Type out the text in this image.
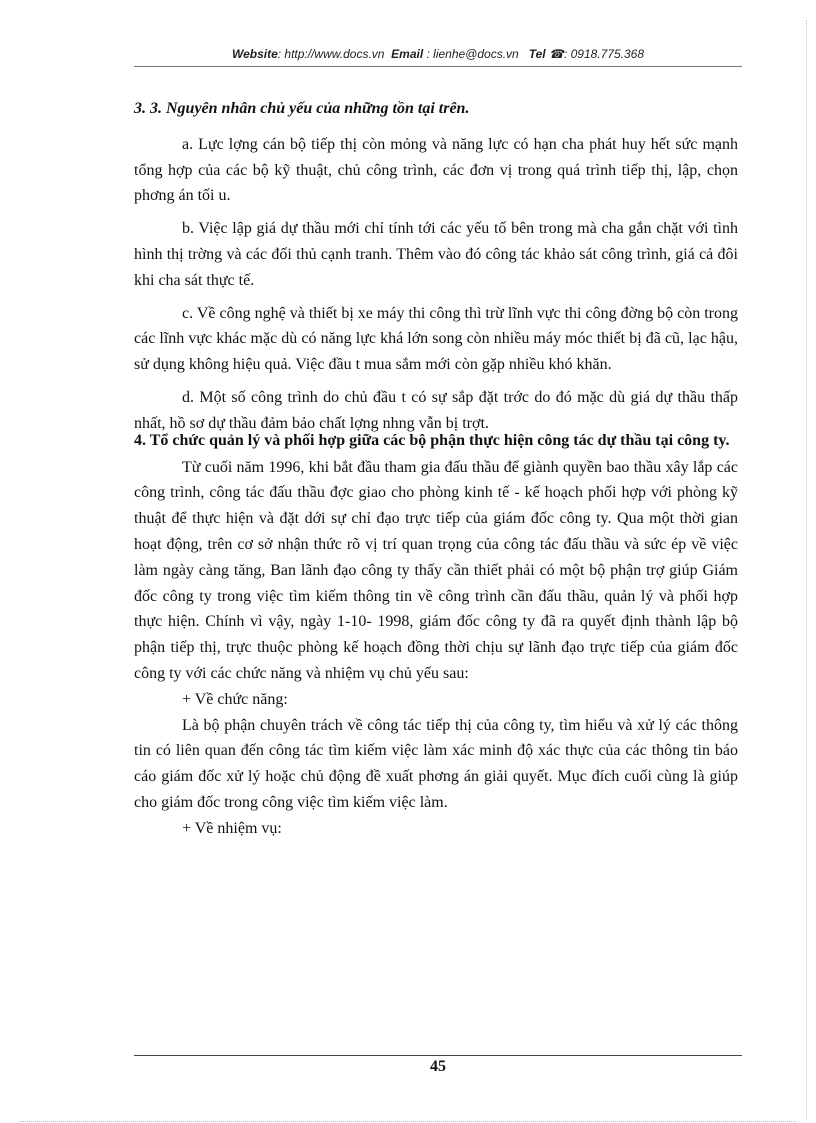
Website: http://www.docs.vn Email : lienhe@docs.vn Tel ☎: 0918.775.368

3. 3. Nguyên nhân chủ yếu của những tồn tại trên.

a. Lực lợng cán bộ tiếp thị còn mỏng và năng lực có hạn cha phát huy hết sức mạnh tổng hợp của các bộ kỹ thuật, chủ công trình, các đơn vị trong quá trình tiếp thị, lập, chọn phơng án tối u.

b. Việc lập giá dự thầu mới chỉ tính tới các yếu tố bên trong mà cha gắn chặt với tình hình thị trờng và các đối thủ cạnh tranh. Thêm vào đó công tác khảo sát công trình, giá cả đôi khi cha sát thực tế.

c. Về công nghệ và thiết bị xe máy thi công thì trừ lĩnh vực thi công đờng bộ còn trong các lĩnh vực khác mặc dù có năng lực khá lớn song còn nhiều máy móc thiết bị đã cũ, lạc hậu, sử dụng không hiệu quả. Việc đầu t mua sắm mới còn gặp nhiều khó khăn.

d. Một số công trình do chủ đầu t có sự sắp đặt trớc do đó mặc dù giá dự thầu thấp nhất, hồ sơ dự thầu đảm bảo chất lợng nhng vẫn bị trợt.

4. Tổ chức quản lý và phối hợp giữa các bộ phận thực hiện công tác dự thầu tại công ty.

Từ cuối năm 1996, khi bắt đầu tham gia đấu thầu để giành quyền bao thầu xây lắp các công trình, công tác đấu thầu đợc giao cho phòng kinh tế - kế hoạch phối hợp với phòng kỹ thuật để thực hiện và đặt dới sự chỉ đạo trực tiếp của giám đốc công ty. Qua một thời gian hoạt động, trên cơ sở nhận thức rõ vị trí quan trọng của công tác đấu thầu và sức ép về việc làm ngày càng tăng, Ban lãnh đạo công ty thấy cần thiết phải có một bộ phận trợ giúp Giám đốc công ty trong việc tìm kiếm thông tin về công trình cần đấu thầu, quản lý và phối hợp thực hiện. Chính vì vậy, ngày 1-10- 1998, giám đốc công ty đã ra quyết định thành lập bộ phận tiếp thị, trực thuộc phòng kế hoạch đồng thời chịu sự lãnh đạo trực tiếp của giám đốc công ty với các chức năng và nhiệm vụ chủ yếu sau:

+ Về chức năng:

Là bộ phận chuyên trách về công tác tiếp thị của công ty, tìm hiểu và xử lý các thông tin có liên quan đến công tác tìm kiếm việc làm xác minh độ xác thực của các thông tin báo cáo giám đốc xử lý hoặc chủ động đề xuất phơng án giải quyết. Mục đích cuối cùng là giúp cho giám đốc trong công việc tìm kiếm việc làm.

+ Về nhiệm vụ:

45
